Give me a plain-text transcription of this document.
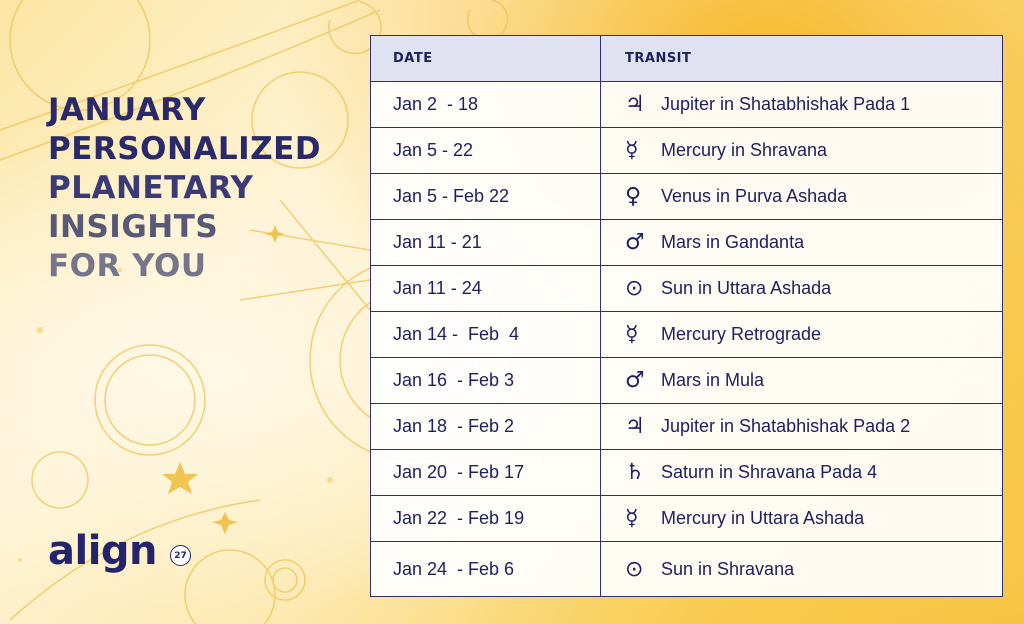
JANUARY
PERSONALIZED
PLANETARY
INSIGHTS
FOR YOU
align	27
DATE	TRANSIT
Jan 2  - 18	♃ Jupiter in Shatabhishak Pada 1
Jan 5 - 22	☿	Mercury in Shravana
Jan 5 - Feb 22	♀	Venus in Purva Ashada
Jan 11 - 21	♂ Mars in Gandanta
Jan 11 - 24	⊙ Sun in Uttara Ashada
Jan 14 -  Feb  4	☿	Mercury Retrograde
Jan 16  - Feb 3	♂ Mars in Mula
Jan 18  - Feb 2	♃ Jupiter in Shatabhishak Pada 2
Jan 20  - Feb 17	♄ Saturn in Shravana Pada 4
Jan 22  - Feb 19	☿	Mercury in Uttara Ashada
Jan 24  - Feb 6	⊙ Sun in Shravana
